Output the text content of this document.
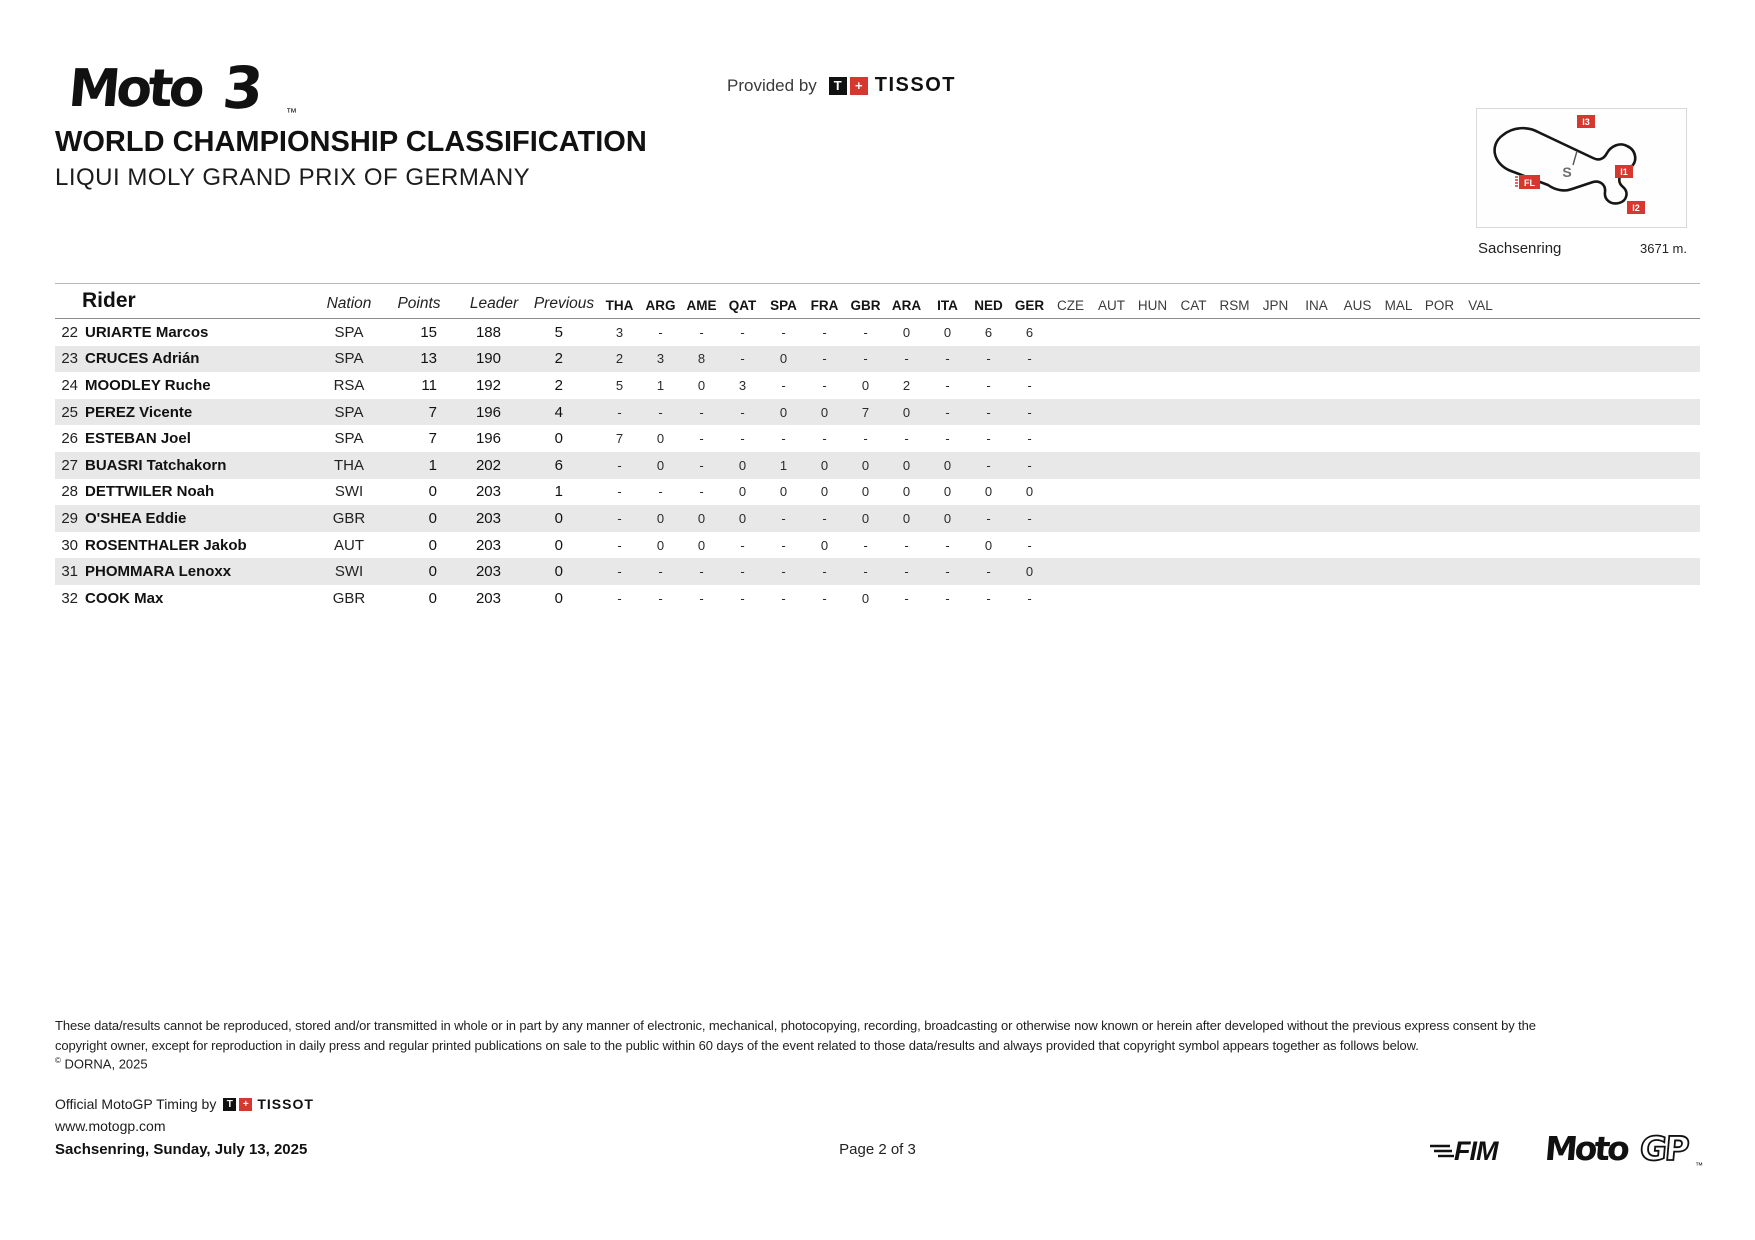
Moto 3 ™
Provided by	T	+ TISSOT
I3
I1
I2
FL
S
Sachsenring	3671 m.
WORLD CHAMPIONSHIP CLASSIFICATION
LIQUI MOLY GRAND PRIX OF GERMANY
Rider	Nation	Points	Leader	Previous THA ARG AME QAT	SPA	FRA GBR ARA	ITA	NED GER CZE	AUT HUN CAT RSM JPN	INA	AUS MAL POR	VAL
22 URIARTE Marcos	SPA	15	188	5	3	-	-	-	-	-	-	0	0	6	6
23 CRUCES Adrián	SPA	13	190	2	2	3	8	-	0	-	-	-	-	-	-
24 MOODLEY Ruche	RSA	11	192	2	5	1	0	3	-	-	0	2	-	-	-
25 PEREZ Vicente	SPA	7	196	4	-	-	-	-	0	0	7	0	-	-	-
26 ESTEBAN Joel	SPA	7	196	0	7	0	-	-	-	-	-	-	-	-	-
27 BUASRI Tatchakorn	THA	1	202	6	-	0	-	0	1	0	0	0	0	-	-
28 DETTWILER Noah	SWI	0	203	1	-	-	-	0	0	0	0	0	0	0	0
29 O'SHEA Eddie	GBR	0	203	0	-	0	0	0	-	-	0	0	0	-	-
30 ROSENTHALER Jakob	AUT	0	203	0	-	0	0	-	-	0	-	-	-	0	-
31 PHOMMARA Lenoxx	SWI	0	203	0	-	-	-	-	-	-	-	-	-	-	0
32 COOK Max	GBR	0	203	0	-	-	-	-	-	-	0	-	-	-	-
These data/results cannot be reproduced, stored and/or transmitted in whole or in part by any manner of electronic, mechanical, photocopying, recording, broadcasting or otherwise now known or herein after developed without the previous express consent by the
copyright owner, except for reproduction in daily press and regular printed publications on sale to the public within 60 days of the event related to those data/results and always provided that copyright symbol appears together as follows below.
© DORNA, 2025
Official MotoGP Timing by	T	+ TISSOT
www.motogp.com
Sachsenring, Sunday, July 13, 2025	Page 2 of 3	FIM Moto GP ™
